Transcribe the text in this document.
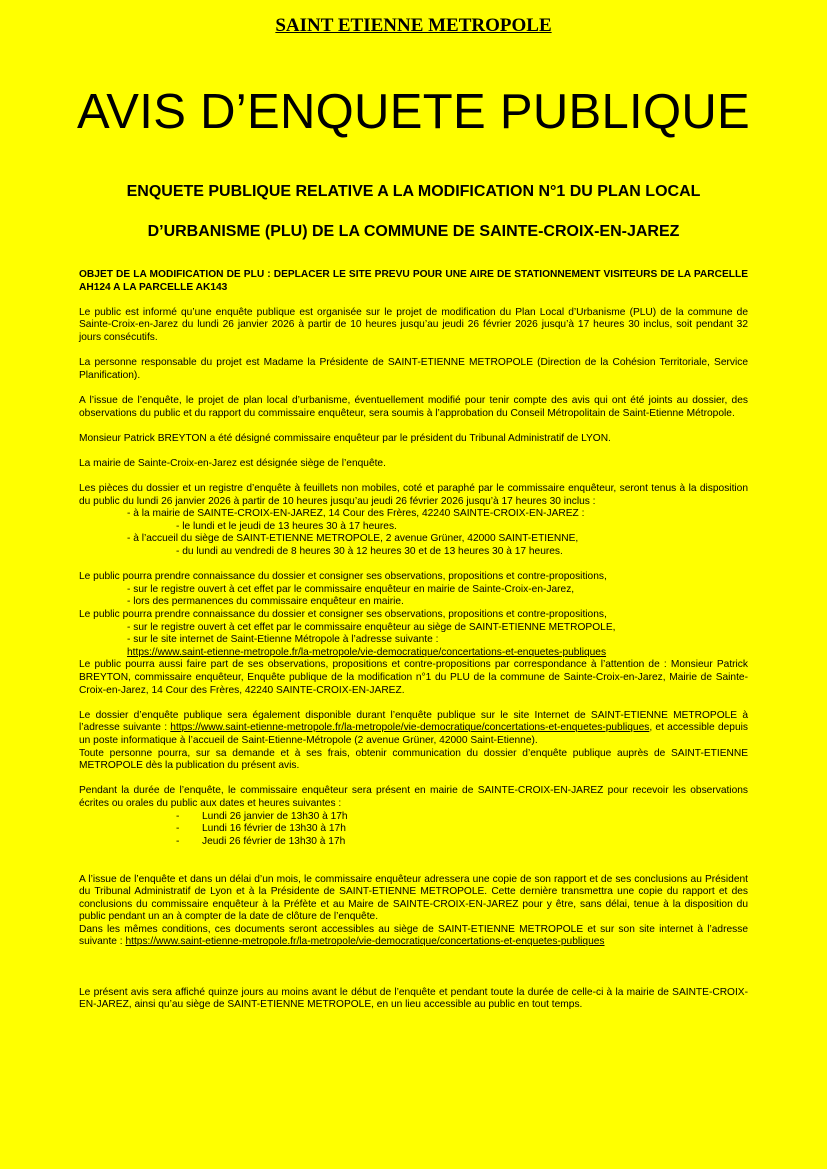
SAINT ETIENNE METROPOLE
AVIS D’ENQUETE PUBLIQUE
ENQUETE PUBLIQUE RELATIVE A LA MODIFICATION N°1 DU PLAN LOCAL
D’URBANISME (PLU) DE LA COMMUNE DE SAINTE-CROIX-EN-JAREZ

OBJET DE LA MODIFICATION DE PLU : DEPLACER LE SITE PREVU POUR UNE AIRE DE STATIONNEMENT VISITEURS DE LA PARCELLE AH124 A LA PARCELLE AK143

Le public est informé qu’une enquête publique est organisée sur le projet de modification du Plan Local d’Urbanisme (PLU) de la commune de Sainte-Croix-en-Jarez du lundi 26 janvier 2026 à partir de 10 heures jusqu’au jeudi 26 février 2026 jusqu’à 17 heures 30 inclus, soit pendant 32 jours consécutifs.

La personne responsable du projet est Madame la Présidente de SAINT-ETIENNE METROPOLE (Direction de la Cohésion Territoriale, Service Planification).

A l’issue de l’enquête, le projet de plan local d’urbanisme, éventuellement modifié pour tenir compte des avis qui ont été joints au dossier, des observations du public et du rapport du commissaire enquêteur, sera soumis à l’approbation du Conseil Métropolitain de Saint-Etienne Métropole.

Monsieur Patrick BREYTON a été désigné commissaire enquêteur par le président du Tribunal Administratif de LYON.

La mairie de Sainte-Croix-en-Jarez est désignée siège de l’enquête.

Les pièces du dossier et un registre d’enquête à feuillets non mobiles, coté et paraphé par le commissaire enquêteur, seront tenus à la disposition du public du lundi 26 janvier 2026 à partir de 10 heures jusqu’au jeudi 26 février 2026 jusqu’à 17 heures 30 inclus :

- à la mairie de SAINTE-CROIX-EN-JAREZ, 14 Cour des Frères, 42240 SAINTE-CROIX-EN-JAREZ :

- le lundi et le jeudi de 13 heures 30 à 17 heures.

- à l’accueil du siège de SAINT-ETIENNE METROPOLE, 2 avenue Grüner, 42000 SAINT-ETIENNE,

- du lundi au vendredi de 8 heures 30 à 12 heures 30 et de 13 heures 30 à 17 heures.

Le public pourra prendre connaissance du dossier et consigner ses observations, propositions et contre-propositions,

- sur le registre ouvert à cet effet par le commissaire enquêteur en mairie de Sainte-Croix-en-Jarez,

- lors des permanences du commissaire enquêteur en mairie.

Le public pourra prendre connaissance du dossier et consigner ses observations, propositions et contre-propositions,

- sur le registre ouvert à cet effet par le commissaire enquêteur au siège de SAINT-ETIENNE METROPOLE,

- sur le site internet de Saint-Etienne Métropole à l’adresse suivante :

https://www.saint-etienne-metropole.fr/la-metropole/vie-democratique/concertations-et-enquetes-publiques

Le public pourra aussi faire part de ses observations, propositions et contre-propositions par correspondance à l’attention de : Monsieur Patrick BREYTON, commissaire enquêteur, Enquête publique de la modification n°1 du PLU de la commune de Sainte-Croix-en-Jarez, Mairie de Sainte-Croix-en-Jarez, 14 Cour des Frères, 42240 SAINTE-CROIX-EN-JAREZ.

Le dossier d’enquête publique sera également disponible durant l’enquête publique sur le site Internet de SAINT-ETIENNE METROPOLE à l’adresse suivante : https://www.saint-etienne-metropole.fr/la-metropole/vie-democratique/concertations-et-enquetes-publiques, et accessible depuis un poste informatique à l’accueil de Saint-Etienne-Métropole (2 avenue Grüner, 42000 Saint-Etienne).

Toute personne pourra, sur sa demande et à ses frais, obtenir communication du dossier d’enquête publique auprès de SAINT-ETIENNE METROPOLE dès la publication du présent avis.

Pendant la durée de l’enquête, le commissaire enquêteur sera présent en mairie de SAINTE-CROIX-EN-JAREZ pour recevoir les observations écrites ou orales du public aux dates et heures suivantes :

-	Lundi 26 janvier de 13h30 à 17h
-	Lundi 16 février de 13h30 à 17h
-	Jeudi 26 février de 13h30 à 17h

A l’issue de l’enquête et dans un délai d’un mois, le commissaire enquêteur adressera une copie de son rapport et de ses conclusions au Président du Tribunal Administratif de Lyon et à la Présidente de SAINT-ETIENNE METROPOLE. Cette dernière transmettra une copie du rapport et des conclusions du commissaire enquêteur à la Préfète et au Maire de SAINTE-CROIX-EN-JAREZ pour y être, sans délai, tenue à la disposition du public pendant un an à compter de la date de clôture de l’enquête.

Dans les mêmes conditions, ces documents seront accessibles au siège de SAINT-ETIENNE METROPOLE et sur son site internet à l’adresse suivante : https://www.saint-etienne-metropole.fr/la-metropole/vie-democratique/concertations-et-enquetes-publiques

Le présent avis sera affiché quinze jours au moins avant le début de l’enquête et pendant toute la durée de celle-ci à la mairie de SAINTE-CROIX-EN-JAREZ, ainsi qu’au siège de SAINT-ETIENNE METROPOLE, en un lieu accessible au public en tout temps.
